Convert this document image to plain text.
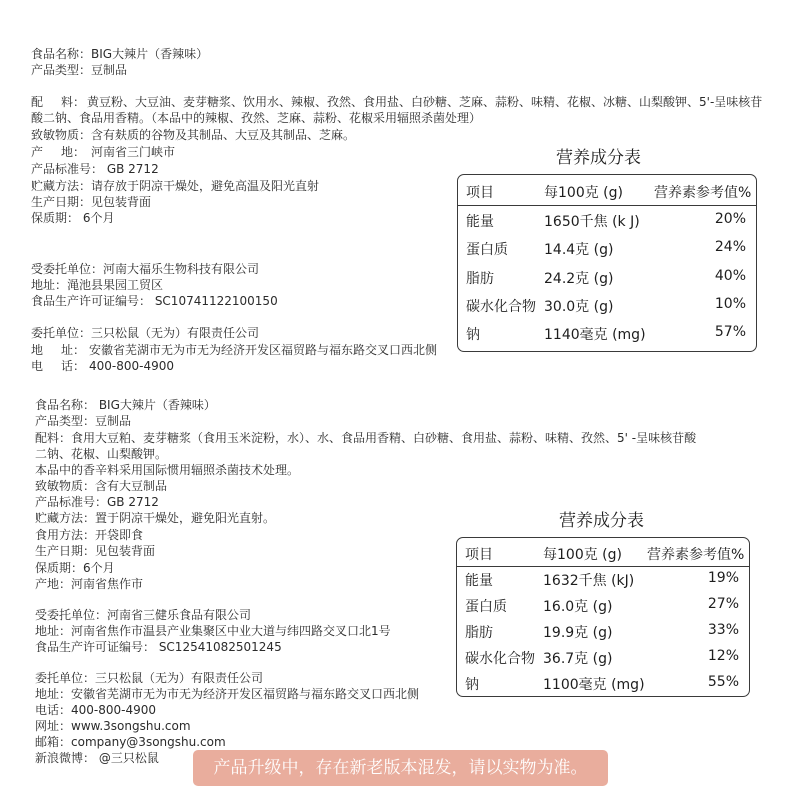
食品名称：BIG大辣片（香辣味）
产品类型：豆制品
配 料： 黄豆粉、大豆油、麦芽糖浆、饮用水、辣椒、孜然、食用盐、白砂糖、芝麻、蒜粉、味精、花椒、冰糖、山梨酸钾、5'-呈味核苷
酸二钠、食品用香精。（本品中的辣椒、孜然、芝麻、蒜粉、花椒采用辐照杀菌处理）
致敏物质：含有麸质的谷物及其制品、大豆及其制品、芝麻。
产 地： 河南省三门峡市
产品标准号： GB 2712
贮藏方法：请存放于阴凉干燥处，避免高温及阳光直射
生产日期：见包装背面
保质期： 6个月
受委托单位：河南大福乐生物科技有限公司
地址：渑池县果园工贸区
食品生产许可证编号： SC10741122100150
委托单位：三只松鼠（无为）有限责任公司
地 址： 安徽省芜湖市无为市无为经济开发区福贸路与福东路交叉口西北侧
电 话： 400-800-4900
营养成分表
项目	每100克 (g) 营养素参考值%
能量	1650千焦 (k J)	20%
蛋白质	14.4克 (g)	24%
脂肪	24.2克 (g)	40%
碳水化合物 30.0克 (g)	10%
钠	1140毫克 (mg)	57%
食品名称： BIG大辣片（香辣味）
产品类型：豆制品
配料：食用大豆粕、麦芽糖浆（食用玉米淀粉，水）、水、食品用香精、白砂糖、食用盐、蒜粉、味精、孜然、5' -呈味核苷酸
二钠、花椒、山梨酸钾。
本品中的香辛料采用国际惯用辐照杀菌技术处理。
致敏物质：含有大豆制品
产品标准号：GB 2712
贮藏方法：置于阴凉干燥处，避免阳光直射。
食用方法：开袋即食
生产日期：见包装背面
保质期：6个月
产地：河南省焦作市
受委托单位：河南省三健乐食品有限公司
地址：河南省焦作市温县产业集聚区中业大道与纬四路交叉口北1号
食品生产许可证编号： SC12541082501245
委托单位：三只松鼠（无为）有限责任公司
地址：安徽省芜湖市无为市无为经济开发区福贸路与福东路交叉口西北侧
电话：400-800-4900
网址：www.3songshu.com
邮箱：company@3songshu.com
新浪微博： @三只松鼠
营养成分表
项目	每100克 (g) 营养素参考值%
能量	1632千焦 (kJ)	19%
蛋白质	16.0克 (g)	27%
脂肪	19.9克 (g)	33%
碳水化合物 36.7克 (g)	12%
钠	1100毫克 (mg)	55%
产品升级中，存在新老版本混发，请以实物为准。
